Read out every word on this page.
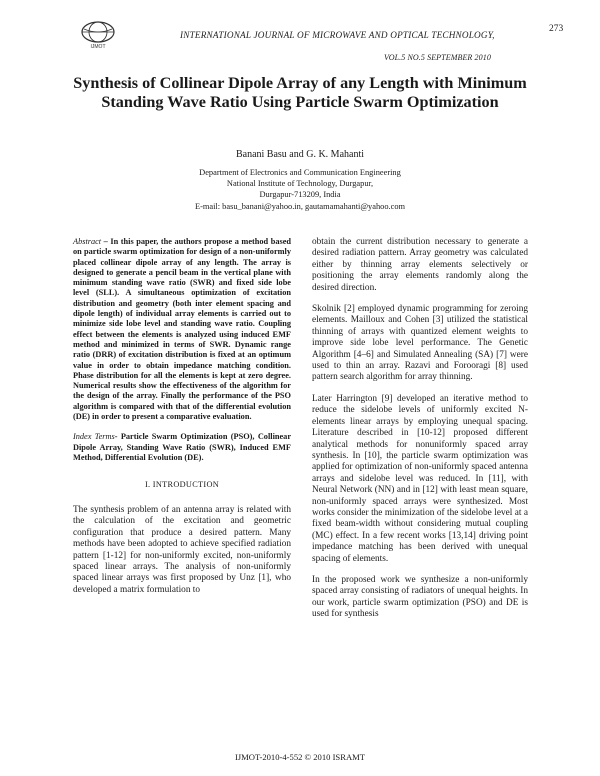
IJMOT
INTERNATIONAL JOURNAL OF MICROWAVE AND OPTICAL TECHNOLOGY,
273
VOL.5 NO.5 SEPTEMBER 2010
Synthesis of Collinear Dipole Array of any Length with Minimum Standing Wave Ratio Using Particle Swarm Optimization
Banani Basu and G. K. Mahanti
Department of Electronics and Communication Engineering
National Institute of Technology, Durgapur,
Durgapur-713209, India
E-mail: basu_banani@yahoo.in, gautamamahanti@yahoo.com

Abstract – In this paper, the authors propose a method based on particle swarm optimization for design of a non-uniformly placed collinear dipole array of any length. The array is designed to generate a pencil beam in the vertical plane with minimum standing wave ratio (SWR) and fixed side lobe level (SLL). A simultaneous optimization of excitation distribution and geometry (both inter element spacing and dipole length) of individual array elements is carried out to minimize side lobe level and standing wave ratio. Coupling effect between the elements is analyzed using induced EMF method and minimized in terms of SWR. Dynamic range ratio (DRR) of excitation distribution is fixed at an optimum value in order to obtain impedance matching condition. Phase distribution for all the elements is kept at zero degree. Numerical results show the effectiveness of the algorithm for the design of the array. Finally the performance of the PSO algorithm is compared with that of the differential evolution (DE) in order to present a comparative evaluation.

Index Terms- Particle Swarm Optimization (PSO), Collinear Dipole Array, Standing Wave Ratio (SWR), Induced EMF Method, Differential Evolution (DE).

I. INTRODUCTION

The synthesis problem of an antenna array is related with the calculation of the excitation and geometric configuration that produce a desired pattern. Many methods have been adopted to achieve specified radiation pattern [1-12] for non-uniformly excited, non-uniformly spaced linear arrays. The analysis of non-uniformly spaced linear arrays was first proposed by Unz [1], who developed a matrix formulation to

obtain the current distribution necessary to generate a desired radiation pattern. Array geometry was calculated either by thinning array elements selectively or positioning the array elements randomly along the desired direction.

Skolnik [2] employed dynamic programming for zeroing elements. Mailloux and Cohen [3] utilized the statistical thinning of arrays with quantized element weights to improve side lobe level performance. The Genetic Algorithm [4–6] and Simulated Annealing (SA) [7] were used to thin an array. Razavi and Forooragi [8] used pattern search algorithm for array thinning.

Later Harrington [9] developed an iterative method to reduce the sidelobe levels of uniformly excited N-elements linear arrays by employing unequal spacing. Literature described in [10-12] proposed different analytical methods for nonuniformly spaced array synthesis. In [10], the particle swarm optimization was applied for optimization of non-uniformly spaced antenna arrays and sidelobe level was reduced. In [11], with Neural Network (NN) and in [12] with least mean square, non-uniformly spaced arrays were synthesized. Most works consider the minimization of the sidelobe level at a fixed beam-width without considering mutual coupling (MC) effect. In a few recent works [13,14] driving point impedance matching has been derived with unequal spacing of elements.

In the proposed work we synthesize a non-uniformly spaced array consisting of radiators of unequal heights. In our work, particle swarm optimization (PSO) and DE is used for synthesis

IJMOT-2010-4-552 © 2010 ISRAMT
